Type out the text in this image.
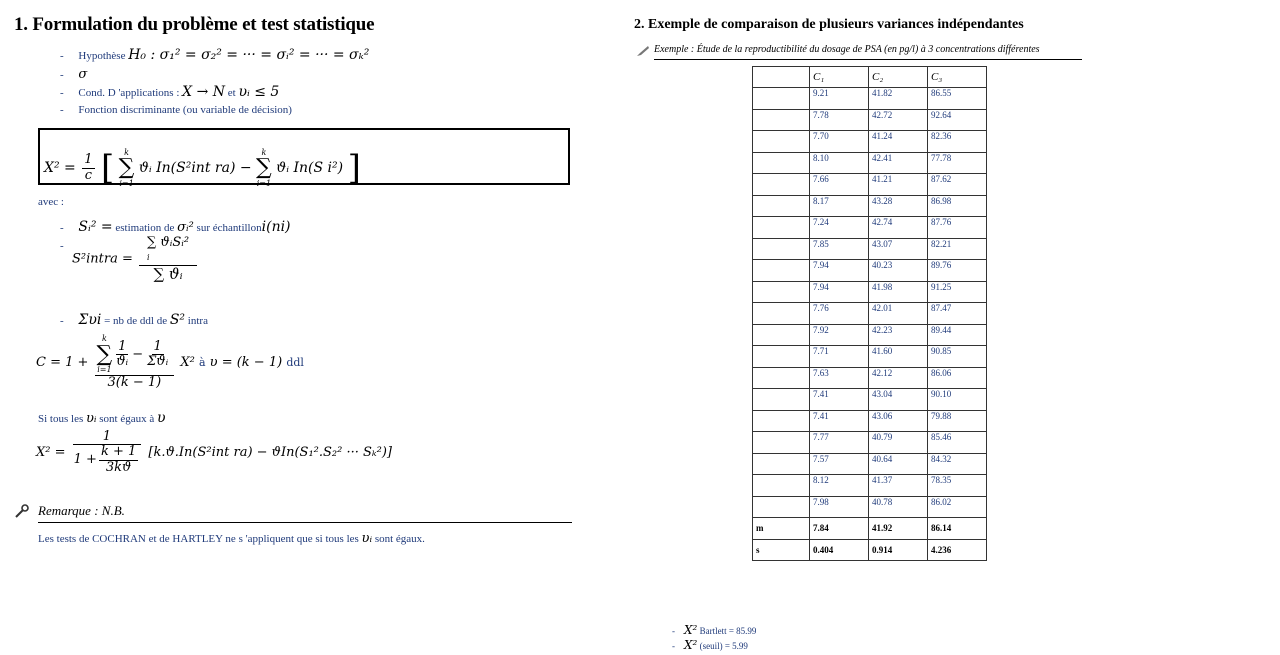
1. Formulation du problème et test statistique
- Hypothèse H₀ : σ₁² = σ₂² = ··· = σᵢ² = ··· = σₖ²
- σ
- Cond. D 'applications : X → N et υᵢ ≤ 5
- Fonction discriminante (ou variable de décision)
$X^2 = \frac{1}{c}$ [ k
∑
i=1
ϑᵢ In(S²int ra) −
k
∑
i=1
ϑᵢ In(S i²) ]
avec :
- Sᵢ² = estimation de σᵢ² sur échantilloni(ni)
-
S²intra =
∑ ϑᵢSᵢ²
i
∑ ϑᵢ
- Συi = nb de ddl de S² intra
C = 1 + k
∑
$i=1 \frac{1}{\text{ϑᵢ}} - \frac{1}{\text{Σϑᵢ}}$
3(k − 1) X² à υ = (k − 1) ddl
Si tous les υᵢ sont égaux à υ
$X^2 = \frac{1}{1 + \frac{k + 1}{3kϑ}} [k.ϑ.In(S^2int$ ra) − ϑIn(S₁².S₂² ··· Sₖ²)]
Remarque : N.B.
Les tests de COCHRAN et de HARTLEY ne s 'appliquent que si tous les υᵢ sont égaux.
2. Exemple de comparaison de plusieurs variances indépendantes
Exemple : Étude de la reproductibilité du dosage de PSA (en pg/l) à 3 concentrations différentes
	C₁	C₂	C₃
	9.21	41.82	86.55
	7.78	42.72	92.64
	7.70	41.24	82.36
	8.10	42.41	77.78
	7.66	41.21	87.62
	8.17	43.28	86.98
	7.24	42.74	87.76
	7.85	43.07	82.21
	7.94	40.23	89.76
	7.94	41.98	91.25
	7.76	42.01	87.47
	7.92	42.23	89.44
	7.71	41.60	90.85
	7.63	42.12	86.06
	7.41	43.04	90.10
	7.41	43.06	79.88
	7.77	40.79	85.46
	7.57	40.64	84.32
	8.12	41.37	78.35
	7.98	40.78	86.02
m	7.84	41.92	86.14
s	0.404	0.914	4.236
- X² Bartlett = 85.99
- X² (seuil) = 5.99
